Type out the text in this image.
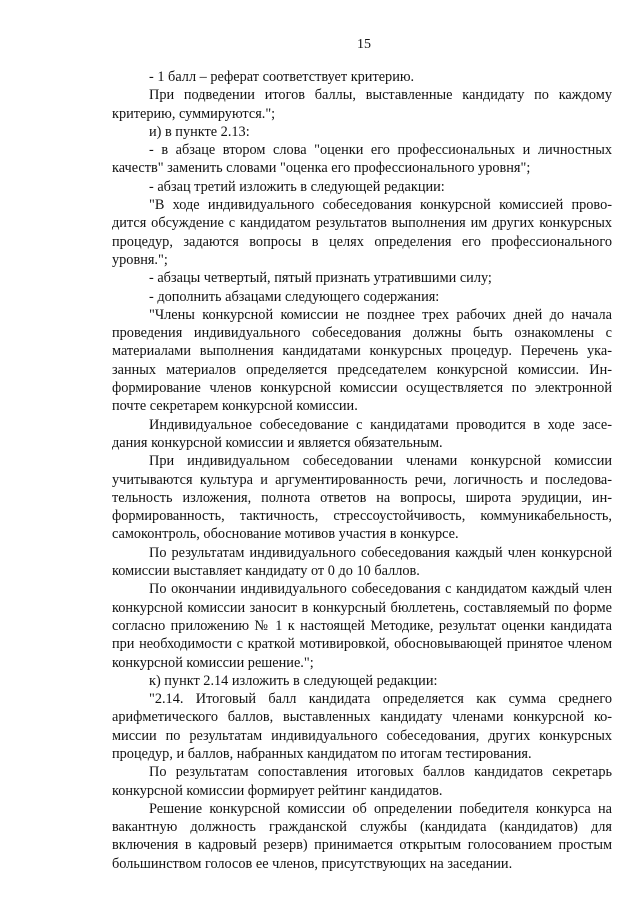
15

- 1 балл – реферат соответствует критерию.

При подведении итогов баллы, выставленные кандидату по каждому критерию, суммируются.";

и) в пункте 2.13:

- в абзаце втором слова "оценки его профессиональных и личностных качеств" заменить словами "оценка его профессионального уровня";

- абзац третий изложить в следующей редакции:

"В ходе индивидуального собеседования конкурсной комиссией проводится обсуждение с кандидатом результатов выполнения им других конкурсных процедур, задаются вопросы в целях определения его профессионального уровня.";

- абзацы четвертый, пятый признать утратившими силу;

- дополнить абзацами следующего содержания:

"Члены конкурсной комиссии не позднее трех рабочих дней до начала проведения индивидуального собеседования должны быть ознакомлены с материалами выполнения кандидатами конкурсных процедур. Перечень указанных материалов определяется председателем конкурсной комиссии. Информирование членов конкурсной комиссии осуществляется по электронной почте секретарем конкурсной комиссии.

Индивидуальное собеседование с кандидатами проводится в ходе заседания конкурсной комиссии и является обязательным.

При индивидуальном собеседовании членами конкурсной комиссии учитываются культура и аргументированность речи, логичность и последовательность изложения, полнота ответов на вопросы, широта эрудиции, информированность, тактичность, стрессоустойчивость, коммуникабельность, самоконтроль, обоснование мотивов участия в конкурсе.

По результатам индивидуального собеседования каждый член конкурсной комиссии выставляет кандидату от 0 до 10 баллов.

По окончании индивидуального собеседования с кандидатом каждый член конкурсной комиссии заносит в конкурсный бюллетень, составляемый по форме согласно приложению № 1 к настоящей Методике, результат оценки кандидата при необходимости с краткой мотивировкой, обосновывающей принятое членом конкурсной комиссии решение.";

к) пункт 2.14 изложить в следующей редакции:

"2.14. Итоговый балл кандидата определяется как сумма среднего арифметического баллов, выставленных кандидату членами конкурсной комиссии по результатам индивидуального собеседования, других конкурсных процедур, и баллов, набранных кандидатом по итогам тестирования.

По результатам сопоставления итоговых баллов кандидатов секретарь конкурсной комиссии формирует рейтинг кандидатов.

Решение конкурсной комиссии об определении победителя конкурса на вакантную должность гражданской службы (кандидата (кандидатов) для включения в кадровый резерв) принимается открытым голосованием простым большинством голосов ее членов, присутствующих на заседании.
